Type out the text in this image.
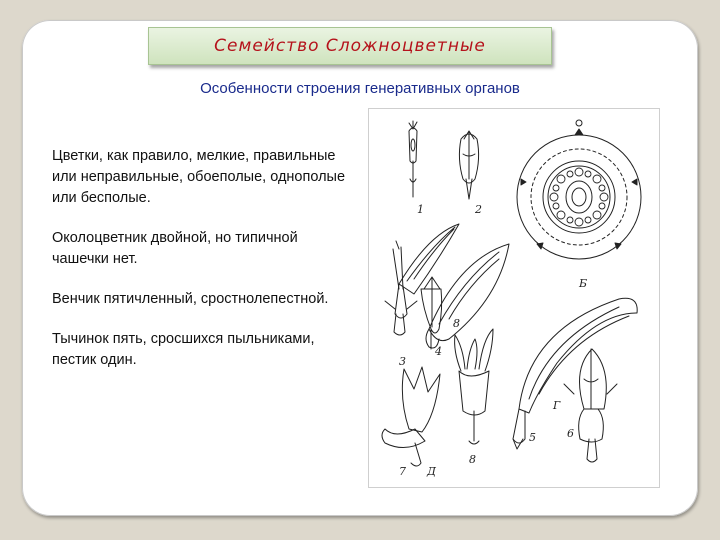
Семейство Сложноцветные
Особенности строения генеративных органов

Цветки, как правило, мелкие, правильные или неправильные, обоеполые, однополые или бесполые.

Околоцветник двойной, но типичной чашечки нет.

Венчик пятичленный, сростнолепестной.

Тычинок пять, сросшихся пыльниками, пестик один.

1	2
3
4
8
Б
Г
5	6
7 Д
8
